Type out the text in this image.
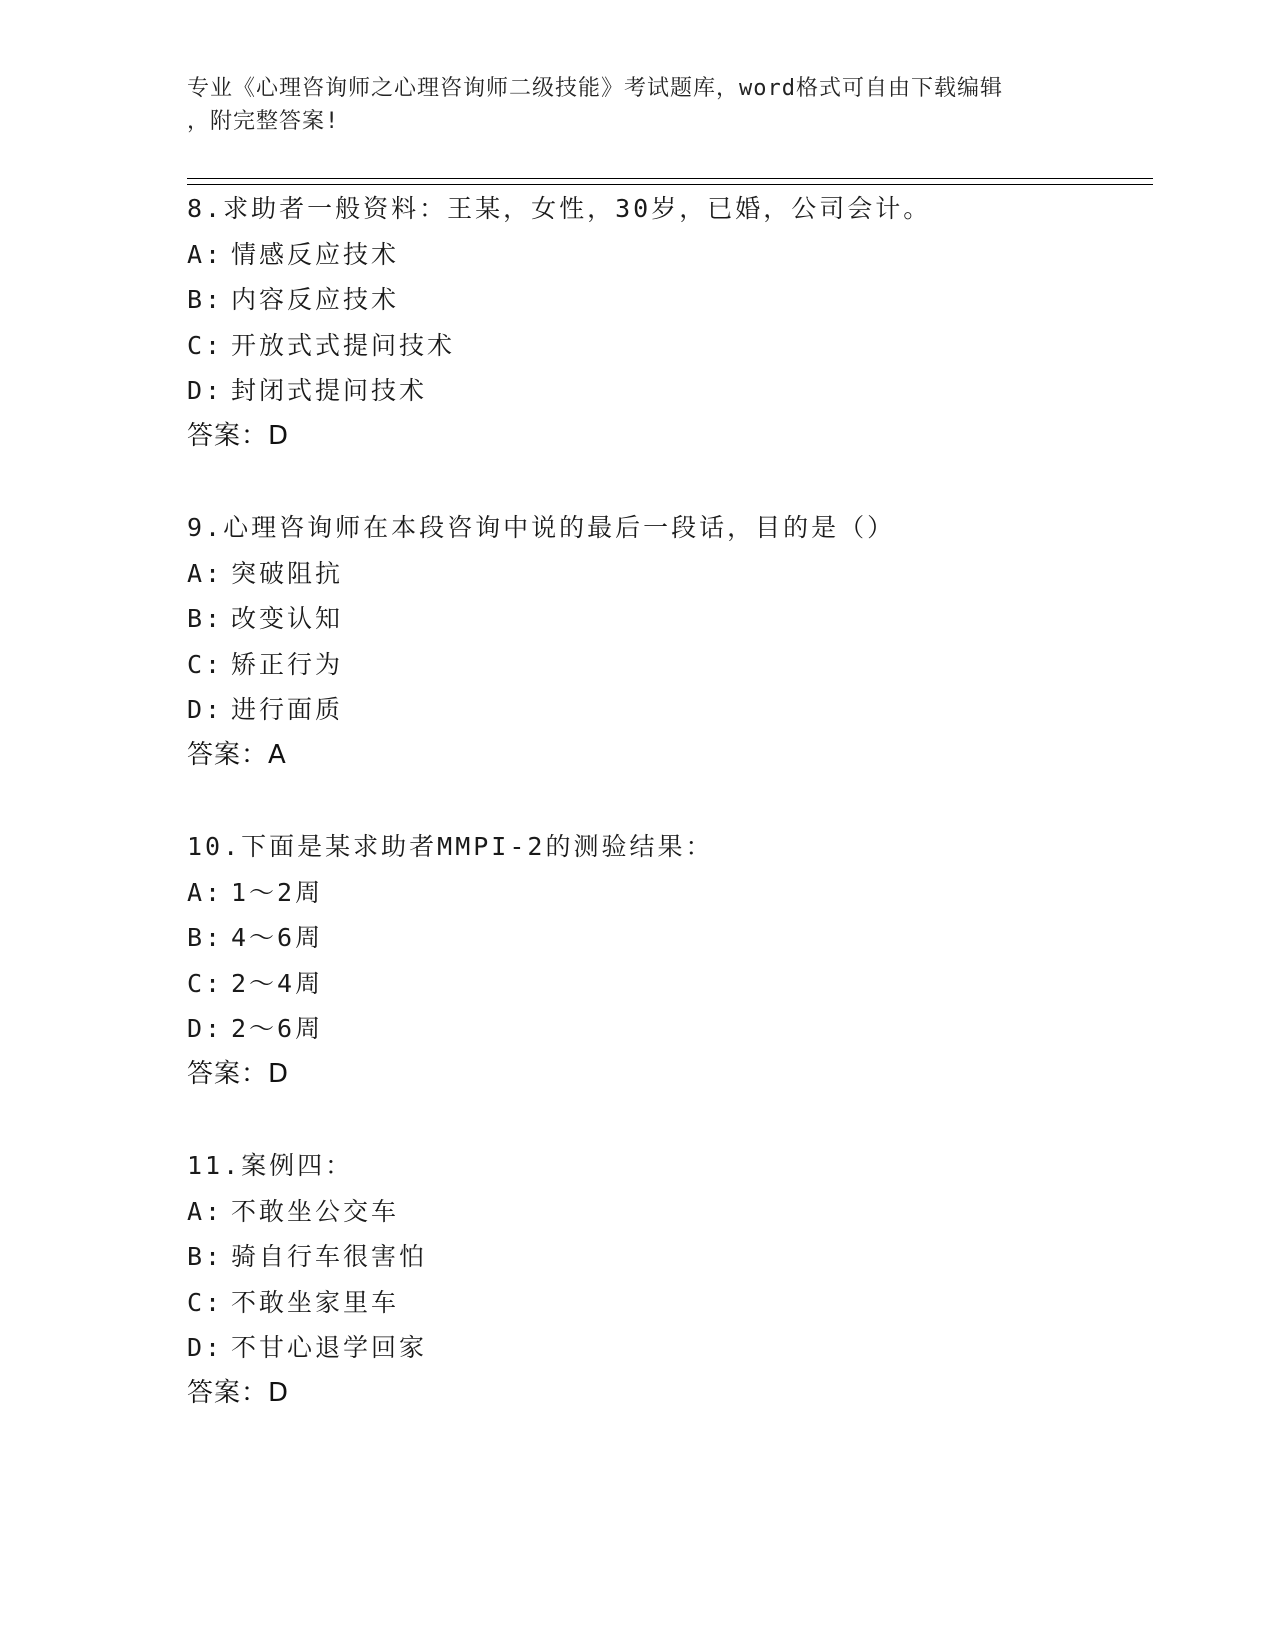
专业《心理咨询师之心理咨询师二级技能》考试题库，word格式可自由下载编辑
，附完整答案!
8.求助者一般资料：王某，女性，30岁，已婚，公司会计。
A: 情感反应技术
B: 内容反应技术
C: 开放式式提问技术
D: 封闭式提问技术
答案：D
9.心理咨询师在本段咨询中说的最后一段话，目的是（）
A: 突破阻抗
B: 改变认知
C: 矫正行为
D: 进行面质
答案：A
10.下面是某求助者MMPI-2的测验结果：
A: 1～2周
B: 4～6周
C: 2～4周
D: 2～6周
答案：D
11.案例四：
A: 不敢坐公交车
B: 骑自行车很害怕
C: 不敢坐家里车
D: 不甘心退学回家
答案：D
